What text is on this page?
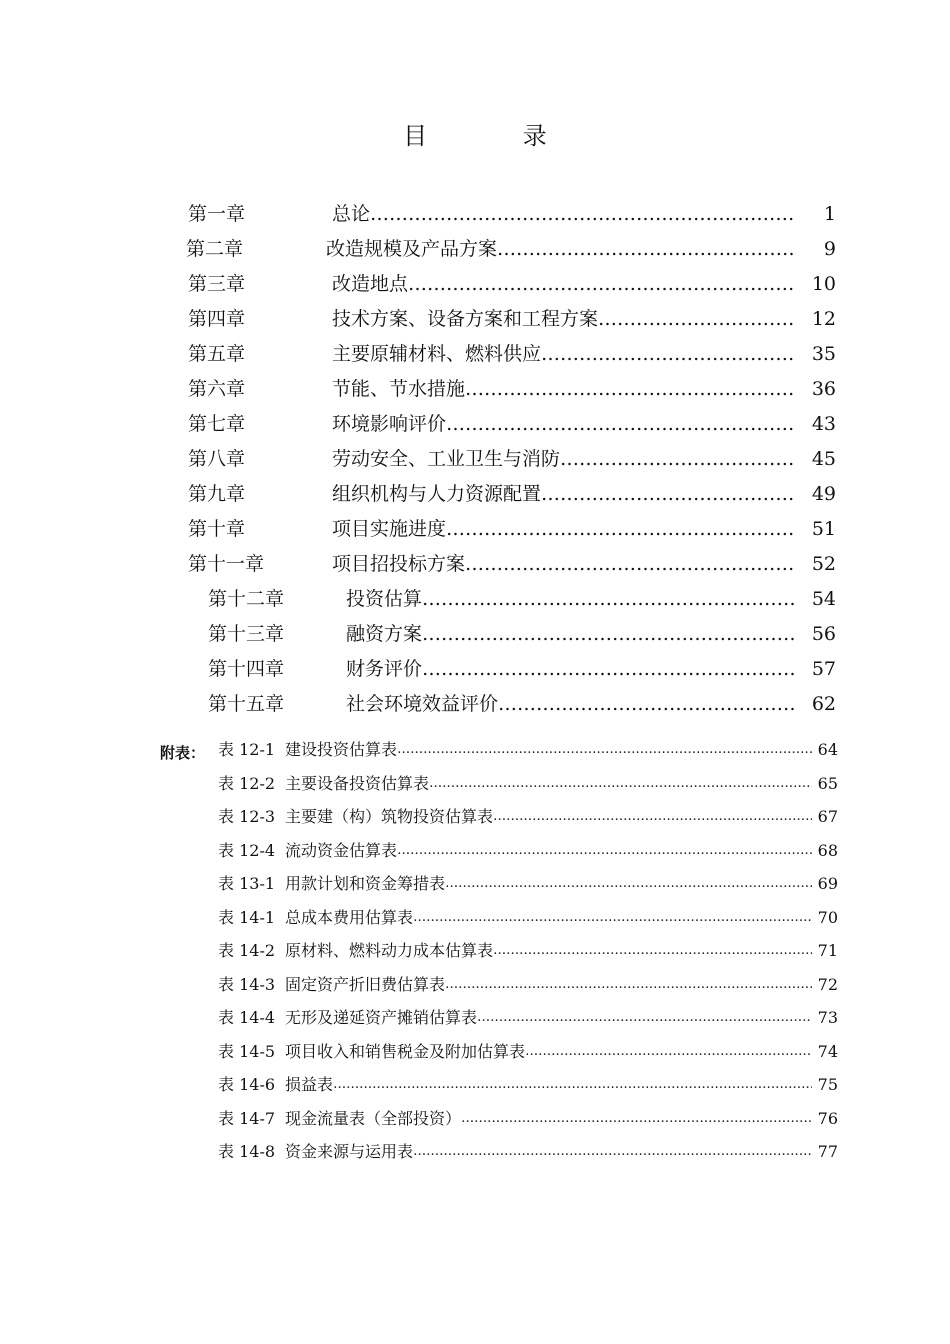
目 录
第一章	总论 ………………………………………………………………………………………………………………………………………………	1
第二章	改造规模及产品方案 ………………………………………………………………………………………………………………………………………………	9
第三章	改造地点 ………………………………………………………………………………………………………………………………………………	10
第四章	技术方案、设备方案和工程方案 ………………………………………………………………………………………………………………………………………………	12
第五章	主要原辅材料、燃料供应 ………………………………………………………………………………………………………………………………………………	35
第六章	节能、节水措施 ………………………………………………………………………………………………………………………………………………	36
第七章	环境影响评价 ………………………………………………………………………………………………………………………………………………	43
第八章	劳动安全、工业卫生与消防 ………………………………………………………………………………………………………………………………………………	45
第九章	组织机构与人力资源配置 ………………………………………………………………………………………………………………………………………………	49
第十章	项目实施进度 ………………………………………………………………………………………………………………………………………………	51
第十一章	项目招投标方案 ………………………………………………………………………………………………………………………………………………	52
第十二章	投资估算 ………………………………………………………………………………………………………………………………………………	54
第十三章	融资方案 ………………………………………………………………………………………………………………………………………………	56
第十四章	财务评价 ………………………………………………………………………………………………………………………………………………	57
第十五章	社会环境效益评价 ………………………………………………………………………………………………………………………………………………	62
附表： 表 12-1 建设投资估算表 ………………………………………………………………………………………………………………………………………………	64
表 12-2 主要设备投资估算表 ………………………………………………………………………………………………………………………………………………	65
表 12-3 主要建（构）筑物投资估算表 ………………………………………………………………………………………………………………………………………………	67
表 12-4 流动资金估算表 ………………………………………………………………………………………………………………………………………………	68
表 13-1 用款计划和资金筹措表 ………………………………………………………………………………………………………………………………………………	69
表 14-1 总成本费用估算表 ………………………………………………………………………………………………………………………………………………	70
表 14-2 原材料、燃料动力成本估算表 ………………………………………………………………………………………………………………………………………………	71
表 14-3 固定资产折旧费估算表 ………………………………………………………………………………………………………………………………………………	72
表 14-4 无形及递延资产摊销估算表 ………………………………………………………………………………………………………………………………………………	73
表 14-5 项目收入和销售税金及附加估算表 ………………………………………………………………………………………………………………………………………………	74
表 14-6 损益表 ………………………………………………………………………………………………………………………………………………	75
表 14-7 现金流量表（全部投资） ………………………………………………………………………………………………………………………………………………	76
表 14-8 资金来源与运用表 ………………………………………………………………………………………………………………………………………………	77
